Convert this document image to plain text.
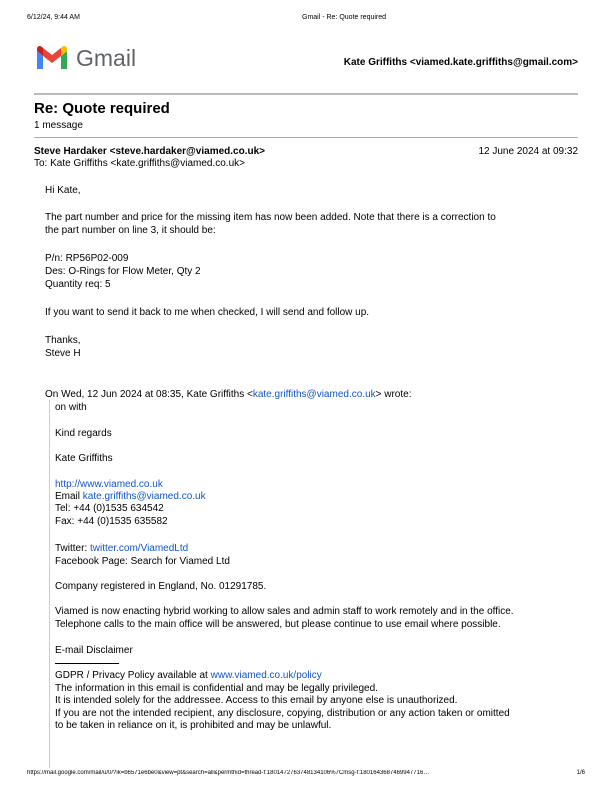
6/12/24, 9:44 AM	Gmail - Re: Quote required
Gmail	Kate Griffiths <viamed.kate.griffiths@gmail.com>
Re: Quote required
1 message
Steve Hardaker <steve.hardaker@viamed.co.uk>	12 June 2024 at 09:32
To: Kate Griffiths <kate.griffiths@viamed.co.uk>
Hi Kate,
The part number and price for the missing item has now been added. Note that there is a correction to
the part number on line 3, it should be:
P/n: RP56P02-009
Des: O-Rings for Flow Meter, Qty 2
Quantity req: 5
If you want to send it back to me when checked, I will send and follow up.
Thanks,
Steve H
On Wed, 12 Jun 2024 at 08:35, Kate Griffiths <kate.griffiths@viamed.co.uk> wrote:
on with
Kind regards
Kate Griffiths
http://www.viamed.co.uk
Email kate.griffiths@viamed.co.uk
Tel: +44 (0)1535 634542
Fax: +44 (0)1535 635582
Twitter: twitter.com/ViamedLtd
Facebook Page: Search for Viamed Ltd
Company registered in England, No. 01291785.
Viamed is now enacting hybrid working to allow sales and admin staff to work remotely and in the office.
Telephone calls to the main office will be answered, but please continue to use email where possible.
E-mail Disclaimer
GDPR / Privacy Policy available at www.viamed.co.uk/policy
The information in this email is confidential and may be legally privileged.
It is intended solely for the addressee. Access to this email by anyone else is unauthorized.
If you are not the intended recipient, any disclosure, copying, distribution or any action taken or omitted
to be taken in reliance on it, is prohibited and may be unlawful.
https://mail.google.com/mail/u/0/?ik=b6571e6be0&view=pt&search=all&permthid=thread-f:1801472763748134106%7Cmsg-f:1801643687469947716…	1/6
